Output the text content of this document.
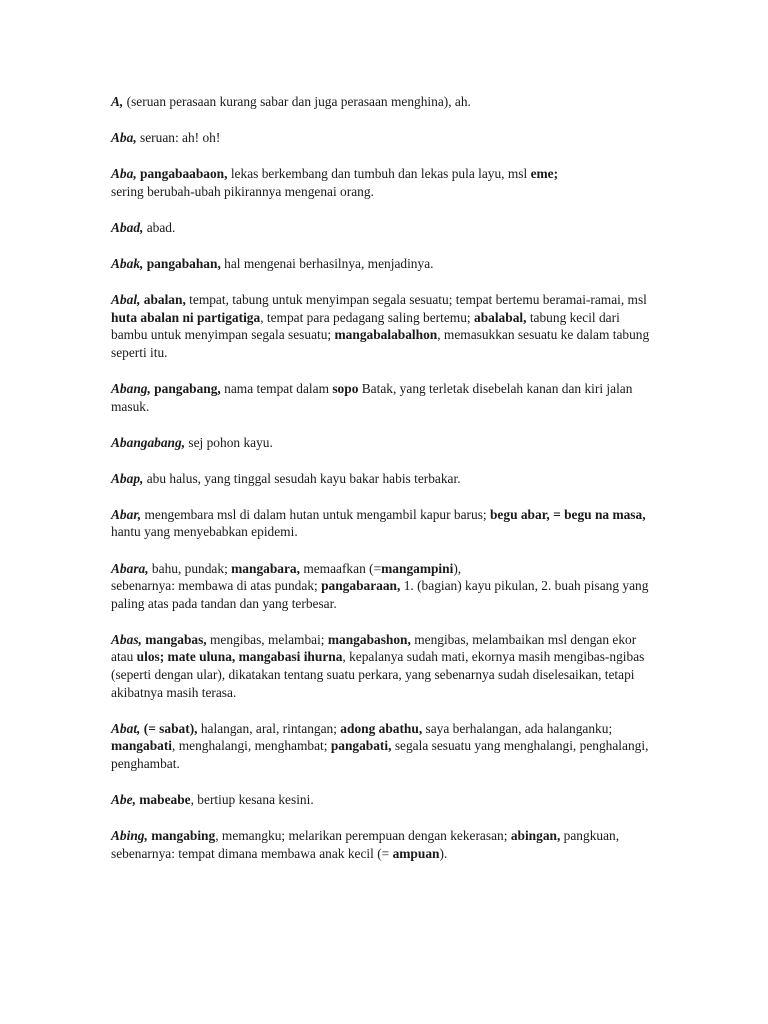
A, (seruan perasaan kurang sabar dan juga perasaan menghina), ah.

Aba, seruan: ah! oh!

Aba, pangabaabaon, lekas berkembang dan tumbuh dan lekas pula layu, msl eme;
sering berubah-ubah pikirannya mengenai orang.

Abad, abad.

Abak, pangabahan, hal mengenai berhasilnya, menjadinya.

Abal, abalan, tempat, tabung untuk menyimpan segala sesuatu; tempat bertemu beramai-ramai, msl huta abalan ni partigatiga, tempat para pedagang saling bertemu; abalabal, tabung kecil dari bambu untuk menyimpan segala sesuatu; mangabalabalhon, memasukkan sesuatu ke dalam tabung seperti itu.

Abang, pangabang, nama tempat dalam sopo Batak, yang terletak disebelah kanan dan kiri jalan masuk.

Abangabang, sej pohon kayu.

Abap, abu halus, yang tinggal sesudah kayu bakar habis terbakar.

Abar, mengembara msl di dalam hutan untuk mengambil kapur barus; begu abar, = begu na masa, hantu yang menyebabkan epidemi.

Abara, bahu, pundak; mangabara, memaafkan (=mangampini),
sebenarnya: membawa di atas pundak; pangabaraan, 1. (bagian) kayu pikulan, 2. buah pisang yang paling atas pada tandan dan yang terbesar.

Abas, mangabas, mengibas, melambai; mangabashon, mengibas, melambaikan msl dengan ekor atau ulos; mate uluna, mangabasi ihurna, kepalanya sudah mati, ekornya masih mengibas-ngibas (seperti dengan ular), dikatakan tentang suatu perkara, yang sebenarnya sudah diselesaikan, tetapi akibatnya masih terasa.

Abat, (= sabat), halangan, aral, rintangan; adong abathu, saya berhalangan, ada halanganku; mangabati, menghalangi, menghambat; pangabati, segala sesuatu yang menghalangi, penghalangi, penghambat.

Abe, mabeabe, bertiup kesana kesini.

Abing, mangabing, memangku; melarikan perempuan dengan kekerasan; abingan, pangkuan, sebenarnya: tempat dimana membawa anak kecil (= ampuan).
